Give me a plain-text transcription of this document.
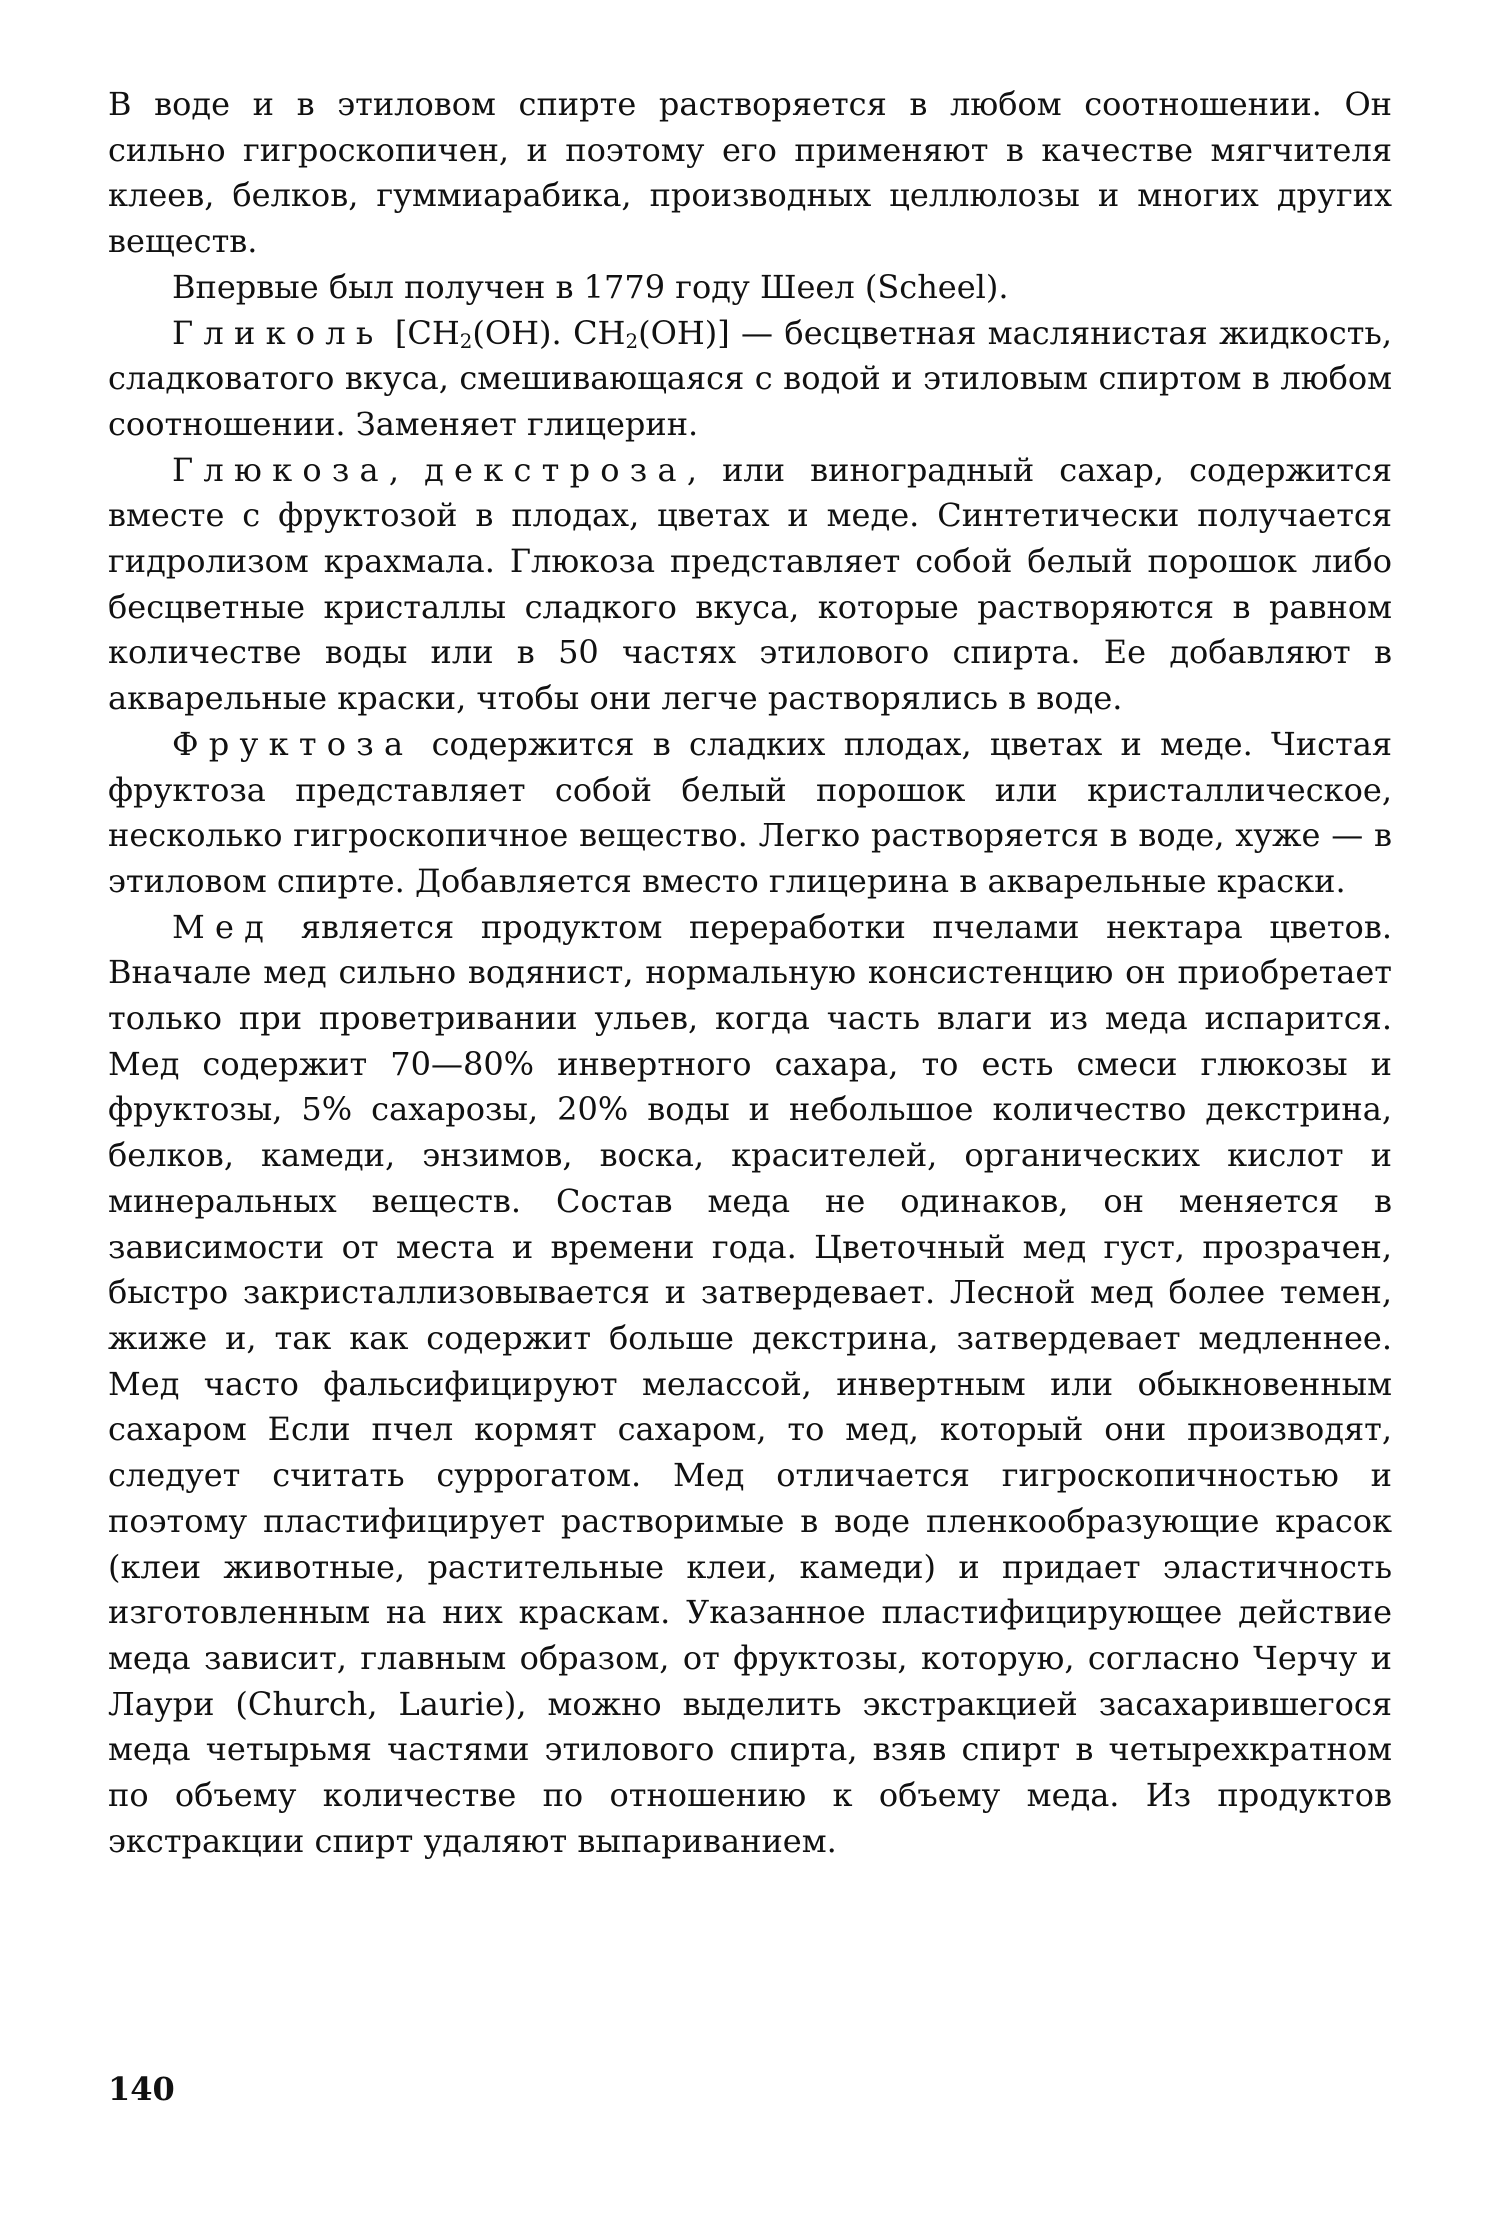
В воде и в этиловом спирте растворяется в любом соотношении. Он сильно гигроскопичен, и поэтому его применяют в качестве мягчителя клеев, белков, гуммиарабика, производных целлюлозы и многих других веществ.

Впервые был получен в 1779 году Шеел (Scheel).

Гликоль [$CH_2(OH)$. $CH_2(OH)$] — бесцветная маслянистая жидкость, сладковатого вкуса, смешивающаяся с водой и этиловым спиртом в любом соотношении. Заменяет глицерин.

Глюкоза, декстроза, или виноградный сахар, содержится вместе с фруктозой в плодах, цветах и меде. Синтетически получается гидролизом крахмала. Глюкоза представляет собой белый порошок либо бесцветные кристаллы сладкого вкуса, которые растворяются в равном количестве воды или в 50 частях этилового спирта. Ее добавляют в акварельные краски, чтобы они легче растворялись в воде.

Фруктоза содержится в сладких плодах, цветах и меде. Чистая фруктоза представляет собой белый порошок или кристаллическое, несколько гигроскопичное вещество. Легко растворяется в воде, хуже — в этиловом спирте. Добавляется вместо глицерина в акварельные краски.

Мед является продуктом переработки пчелами нектара цветов. Вначале мед сильно водянист, нормальную консистенцию он приобретает только при проветривании ульев, когда часть влаги из меда испарится. Мед содержит 70—80% инвертного сахара, то есть смеси глюкозы и фруктозы, 5% сахарозы, 20% воды и небольшое количество декстрина, белков, камеди, энзимов, воска, красителей, органических кислот и минеральных веществ. Состав меда не одинаков, он меняется в зависимости от места и времени года. Цветочный мед густ, прозрачен, быстро закристаллизовывается и затвердевает. Лесной мед более темен, жиже и, так как содержит больше декстрина, затвердевает медленнее. Мед часто фальсифицируют мелассой, инвертным или обыкновенным сахаром Если пчел кормят сахаром, то мед, который они производят, следует считать суррогатом. Мед отличается гигроскопичностью и поэтому пластифицирует растворимые в воде пленкообразующие красок (клеи животные, растительные клеи, камеди) и придает эластичность изготовленным на них краскам. Указанное пластифицирующее действие меда зависит, главным образом, от фруктозы, которую, согласно Черчу и Лаури (Church, Laurie), можно выделить экстракцией засахарившегося меда четырьмя частями этилового спирта, взяв спирт в четырехкратном по объему количестве по отношению к объему меда. Из продуктов экстракции спирт удаляют выпариванием.

140
